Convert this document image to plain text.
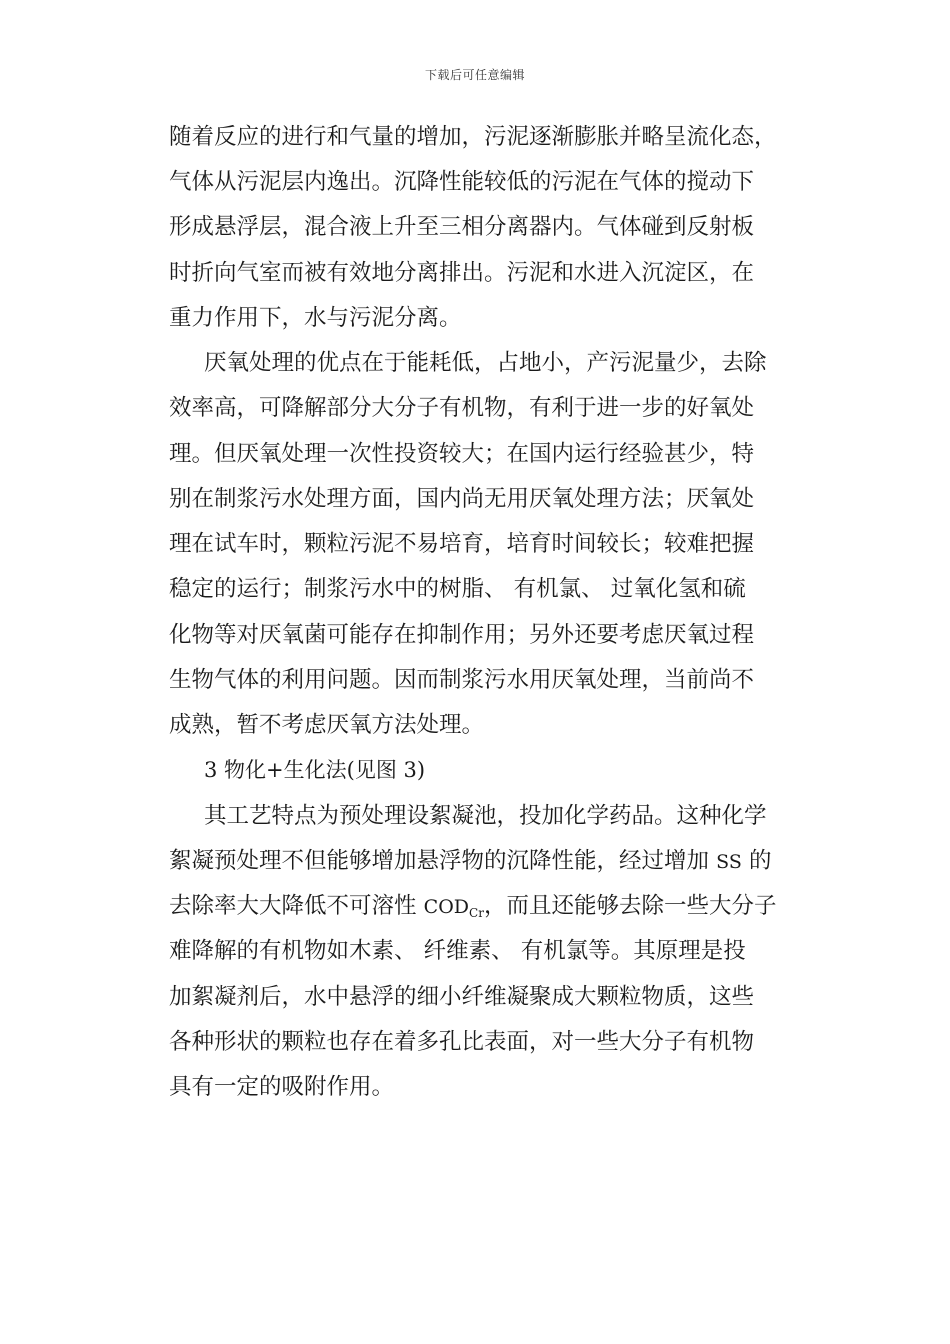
下载后可任意编辑
随着反应的进行和气量的增加，污泥逐渐膨胀并略呈流化态，
气体从污泥层内逸出。沉降性能较低的污泥在气体的搅动下
形成悬浮层，混合液上升至三相分离器内。气体碰到反射板
时折向气室而被有效地分离排出。污泥和水进入沉淀区，在
重力作用下，水与污泥分离。
厌氧处理的优点在于能耗低，占地小，产污泥量少，去除
效率高，可降解部分大分子有机物，有利于进一步的好氧处
理。但厌氧处理一次性投资较大；在国内运行经验甚少，特
别在制浆污水处理方面，国内尚无用厌氧处理方法；厌氧处
理在试车时，颗粒污泥不易培育，培育时间较长；较难把握
稳定的运行；制浆污水中的树脂、 有机氯、 过氧化氢和硫
化物等对厌氧菌可能存在抑制作用；另外还要考虑厌氧过程
生物气体的利用问题。因而制浆污水用厌氧处理，当前尚不
成熟，暂不考虑厌氧方法处理。
3 物化+生化法(见图 3)
其工艺特点为预处理设絮凝池，投加化学药品。这种化学
絮凝预处理不但能够增加悬浮物的沉降性能，经过增加 SS 的
去除率大大降低不可溶性 $COD_{Cr}$，而且还能够去除一些大分子
难降解的有机物如木素、 纤维素、 有机氯等。其原理是投
加絮凝剂后，水中悬浮的细小纤维凝聚成大颗粒物质，这些
各种形状的颗粒也存在着多孔比表面，对一些大分子有机物
具有一定的吸附作用。
